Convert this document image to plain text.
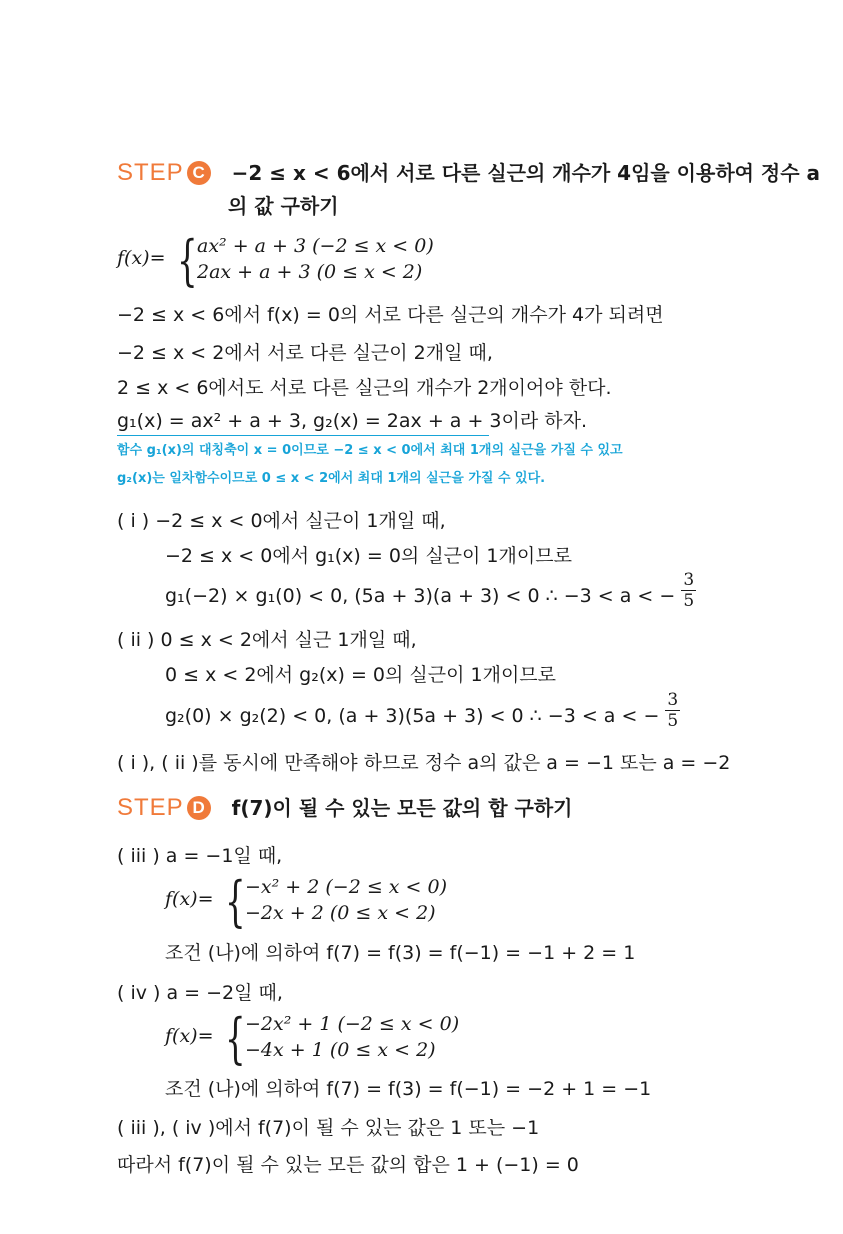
STEP C −2 ≤ x < 6에서 서로 다른 실근의 개수가 4임을 이용하여 정수 a
의 값 구하기
f(x)= { ax² + a + 3 (−2 ≤ x < 0)
2ax + a + 3 (0 ≤ x < 2)
−2 ≤ x < 6에서 f(x) = 0의 서로 다른 실근의 개수가 4가 되려면
−2 ≤ x < 2에서 서로 다른 실근이 2개일 때,
2 ≤ x < 6에서도 서로 다른 실근의 개수가 2개이어야 한다.
g₁(x) = ax² + a + 3, g₂(x) = 2ax + a + 3이라 하자.
함수 g₁(x)의 대칭축이 x = 0이므로 −2 ≤ x < 0에서 최대 1개의 실근을 가질 수 있고
g₂(x)는 일차함수이므로 0 ≤ x < 2에서 최대 1개의 실근을 가질 수 있다.
( i ) −2 ≤ x < 0에서 실근이 1개일 때,
−2 ≤ x < 0에서 g₁(x) = 0의 실근이 1개이므로
g₁(−2) × g₁(0) < 0, (5a + 3)(a + 3) < 0 ∴ −3 < a < − $\frac{3}{5}$
( ii ) 0 ≤ x < 2에서 실근 1개일 때,
0 ≤ x < 2에서 g₂(x) = 0의 실근이 1개이므로
g₂(0) × g₂(2) < 0, (a + 3)(5a + 3) < 0 ∴ −3 < a < − $\frac{3}{5}$
( i ), ( ii )를 동시에 만족해야 하므로 정수 a의 값은 a = −1 또는 a = −2
STEP D f(7)이 될 수 있는 모든 값의 합 구하기
( iii ) a = −1일 때,
f(x)= { −x² + 2 (−2 ≤ x < 0)
−2x + 2 (0 ≤ x < 2)
조건 (나)에 의하여 f(7) = f(3) = f(−1) = −1 + 2 = 1
( iv ) a = −2일 때,
f(x)= { −2x² + 1 (−2 ≤ x < 0)
−4x + 1 (0 ≤ x < 2)
조건 (나)에 의하여 f(7) = f(3) = f(−1) = −2 + 1 = −1
( iii ), ( iv )에서 f(7)이 될 수 있는 값은 1 또는 −1
따라서 f(7)이 될 수 있는 모든 값의 합은 1 + (−1) = 0
